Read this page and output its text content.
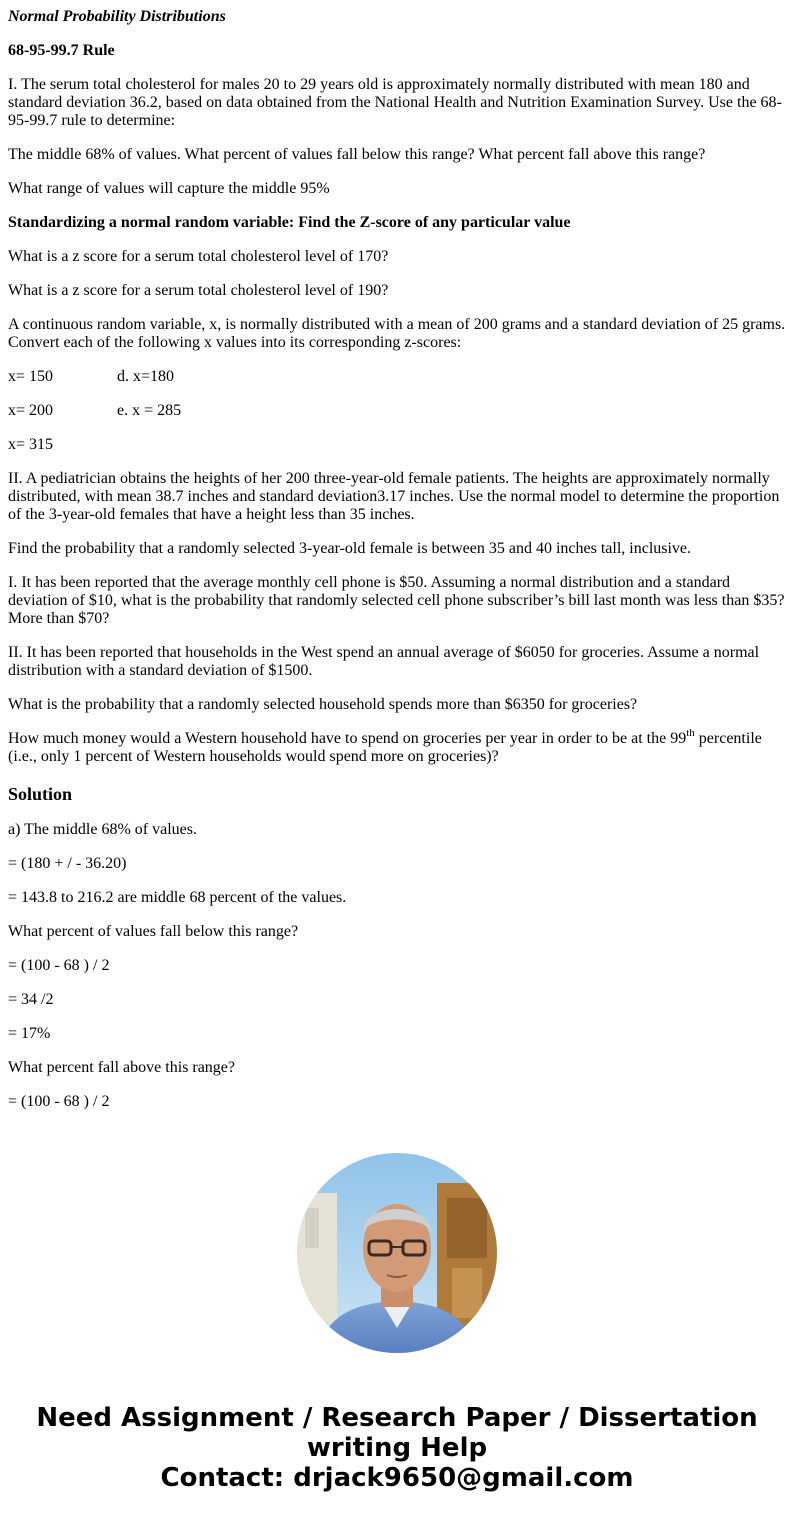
Normal Probability Distributions

68-95-99.7 Rule

I. The serum total cholesterol for males 20 to 29 years old is approximately normally distributed with mean 180 and standard deviation 36.2, based on data obtained from the National Health and Nutrition Examination Survey. Use the 68-95-99.7 rule to determine:

The middle 68% of values. What percent of values fall below this range? What percent fall above this range?

What range of values will capture the middle 95%

Standardizing a normal random variable: Find the Z-score of any particular value

What is a z score for a serum total cholesterol level of 170?

What is a z score for a serum total cholesterol level of 190?

A continuous random variable, x, is normally distributed with a mean of 200 grams and a standard deviation of 25 grams. Convert each of the following x values into its corresponding z-scores:

x= 150	d. x=180

x= 200	e. x = 285

x= 315

II. A pediatrician obtains the heights of her 200 three-year-old female patients. The heights are approximately normally distributed, with mean 38.7 inches and standard deviation3.17 inches. Use the normal model to determine the proportion of the 3-year-old females that have a height less than 35 inches.

Find the probability that a randomly selected 3-year-old female is between 35 and 40 inches tall, inclusive.

I. It has been reported that the average monthly cell phone is $50. Assuming a normal distribution and a standard deviation of $10, what is the probability that randomly selected cell phone subscriber’s bill last month was less than $35? More than $70?

II. It has been reported that households in the West spend an annual average of $6050 for groceries. Assume a normal distribution with a standard deviation of $1500.

What is the probability that a randomly selected household spends more than $6350 for groceries?

How much money would a Western household have to spend on groceries per year in order to be at the 99th percentile (i.e., only 1 percent of Western households would spend more on groceries)?

Solution

a) The middle 68% of values.

= (180 + / - 36.20)

= 143.8 to 216.2 are middle 68 percent of the values.

What percent of values fall below this range?

= (100 - 68 ) / 2

= 34 /2

= 17%

What percent fall above this range?

= (100 - 68 ) / 2

Need Assignment / Research Paper / Dissertation
writing Help
Contact: drjack9650@gmail.com
